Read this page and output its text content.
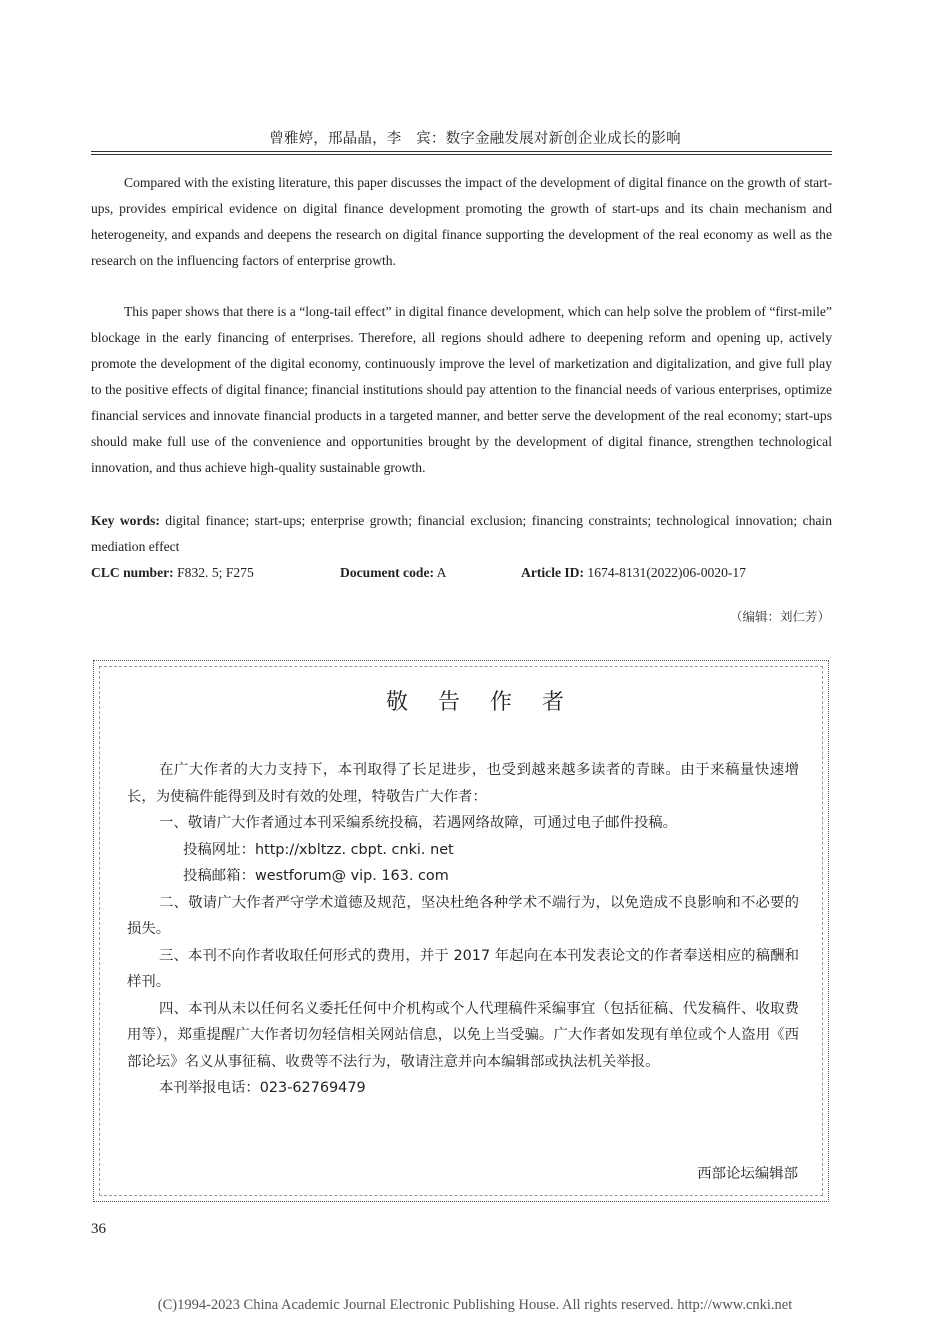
曾雅婷，邢晶晶，李　宾：数字金融发展对新创企业成长的影响
Compared with the existing literature, this paper discusses the impact of the development of digital finance on the growth of start-ups, provides empirical evidence on digital finance development promoting the growth of start-ups and its chain mechanism and heterogeneity, and expands and deepens the research on digital finance supporting the development of the real economy as well as the research on the influencing factors of enterprise growth.
This paper shows that there is a “long-tail effect” in digital finance development, which can help solve the problem of “first-mile” blockage in the early financing of enterprises. Therefore, all regions should adhere to deepening reform and opening up, actively promote the development of the digital economy, continuously improve the level of marketization and digitalization, and give full play to the positive effects of digital finance; financial institutions should pay attention to the financial needs of various enterprises, optimize financial services and innovate financial products in a targeted manner, and better serve the development of the real economy; start-ups should make full use of the convenience and opportunities brought by the development of digital finance, strengthen technological innovation, and thus achieve high-quality sustainable growth.
Key words: digital finance; start-ups; enterprise growth; financial exclusion; financing constraints; technological innovation; chain mediation effect
CLC number: F832. 5; F275	Document code: A	Article ID: 1674-8131(2022)06-0020-17
（编辑：刘仁芳）
敬告作者

在广大作者的大力支持下，本刊取得了长足进步，也受到越来越多读者的青睐。由于来稿量快速增长，为使稿件能得到及时有效的处理，特敬告广大作者：

一、敬请广大作者通过本刊采编系统投稿，若遇网络故障，可通过电子邮件投稿。

投稿网址：http://xbltzz. cbpt. cnki. net

投稿邮箱：westforum@ vip. 163. com

二、敬请广大作者严守学术道德及规范，坚决杜绝各种学术不端行为，以免造成不良影响和不必要的损失。

三、本刊不向作者收取任何形式的费用，并于 2017 年起向在本刊发表论文的作者奉送相应的稿酬和样刊。

四、本刊从未以任何名义委托任何中介机构或个人代理稿件采编事宜（包括征稿、代发稿件、收取费用等），郑重提醒广大作者切勿轻信相关网站信息，以免上当受骗。广大作者如发现有单位或个人盗用《西部论坛》名义从事征稿、收费等不法行为，敬请注意并向本编辑部或执法机关举报。

本刊举报电话：023-62769479

西部论坛编辑部
36
(C)1994-2023 China Academic Journal Electronic Publishing House. All rights reserved. http://www.cnki.net
